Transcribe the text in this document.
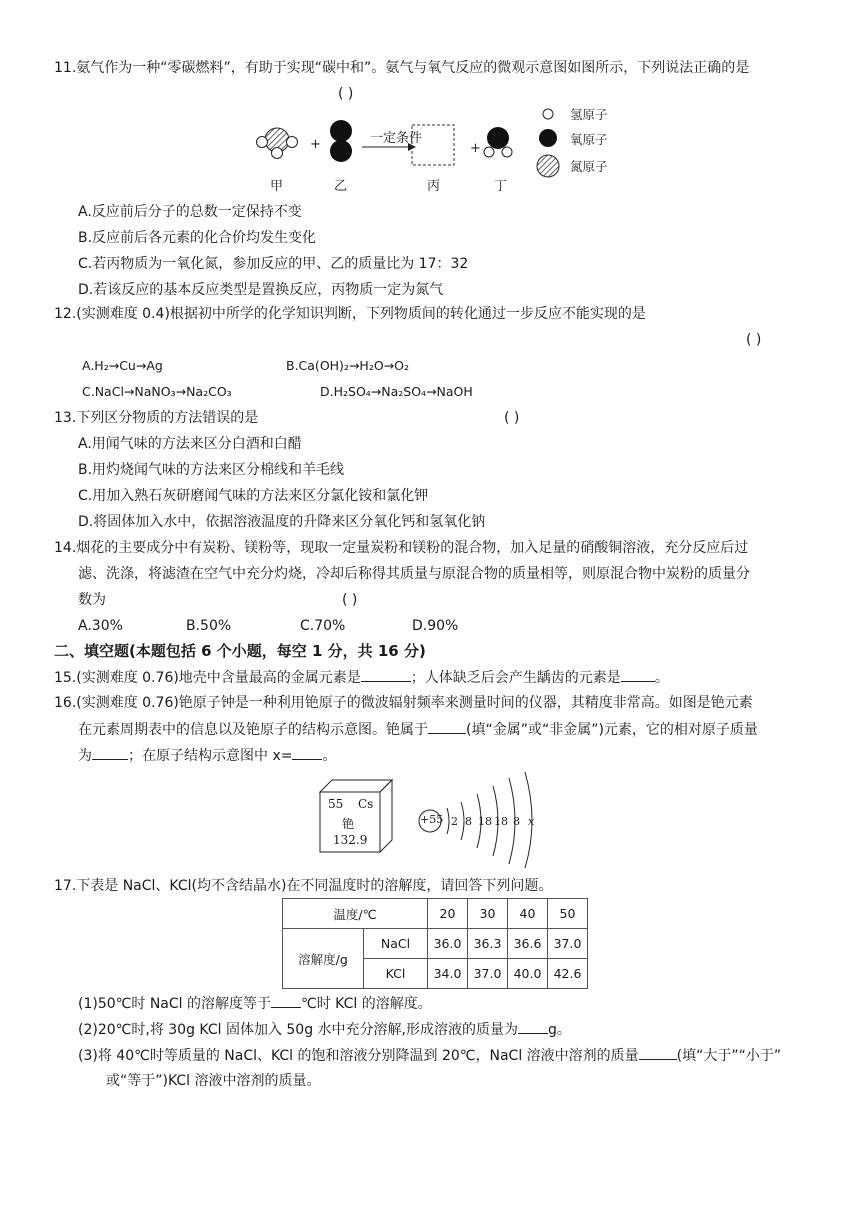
11.氨气作为一种“零碳燃料”，有助于实现“碳中和”。氨气与氧气反应的微观示意图如图所示，下列说法正确的是
( )
+	+
一定条件
甲	乙	丙	丁
氢原子
氧原子
氮原子
A.反应前后分子的总数一定保持不变
B.反应前后各元素的化合价均发生变化
C.若丙物质为一氧化氮，参加反应的甲、乙的质量比为 17：32
D.若该反应的基本反应类型是置换反应，丙物质一定为氮气
12.(实测难度 0.4)根据初中所学的化学知识判断，下列物质间的转化通过一步反应不能实现的是
( )
A.H₂→Cu→Ag	B.Ca(OH)₂→H₂O→O₂
C.NaCl→NaNO₃→Na₂CO₃	D.H₂SO₄→Na₂SO₄→NaOH
13.下列区分物质的方法错误的是	( )
A.用闻气味的方法来区分白酒和白醋
B.用灼烧闻气味的方法来区分棉线和羊毛线
C.用加入熟石灰研磨闻气味的方法来区分氯化铵和氯化钾
D.将固体加入水中，依据溶液温度的升降来区分氧化钙和氢氧化钠
14.烟花的主要成分中有炭粉、镁粉等，现取一定量炭粉和镁粉的混合物，加入足量的硝酸铜溶液，充分反应后过
滤、洗涤，将滤渣在空气中充分灼烧，冷却后称得其质量与原混合物的质量相等，则原混合物中炭粉的质量分
数为	( )
A.30%	B.50%	C.70%	D.90%
二、填空题(本题包括 6 个小题，每空 1 分，共 16 分)
15.(实测难度 0.76)地壳中含量最高的金属元素是	；人体缺乏后会产生龋齿的元素是 。
16.(实测难度 0.76)铯原子钟是一种利用铯原子的微波辐射频率来测量时间的仪器，其精度非常高。如图是铯元素
在元素周期表中的信息以及铯原子的结构示意图。铯属于	(填“金属”或“非金属”)元素，它的相对原子质量
为	；在原子结构示意图中 x= 。
55 Cs
铯
132.9
+55 2 8 18 18 8 x
17.下表是 NaCl、KCl(均不含结晶水)在不同温度时的溶解度，请回答下列问题。
温度/℃		20	30	40	50
溶解度/g	NaCl	36.0	36.3	36.6	37.0
	KCl	34.0	37.0	40.0	42.6
(1)50℃时 NaCl 的溶解度等于 ℃时 KCl 的溶解度。
(2)20℃时,将 30g KCl 固体加入 50g 水中充分溶解,形成溶液的质量为 g。
(3)将 40℃时等质量的 NaCl、KCl 的饱和溶液分别降温到 20℃，NaCl 溶液中溶剂的质量	(填“大于”“小于”
或“等于”)KCl 溶液中溶剂的质量。
